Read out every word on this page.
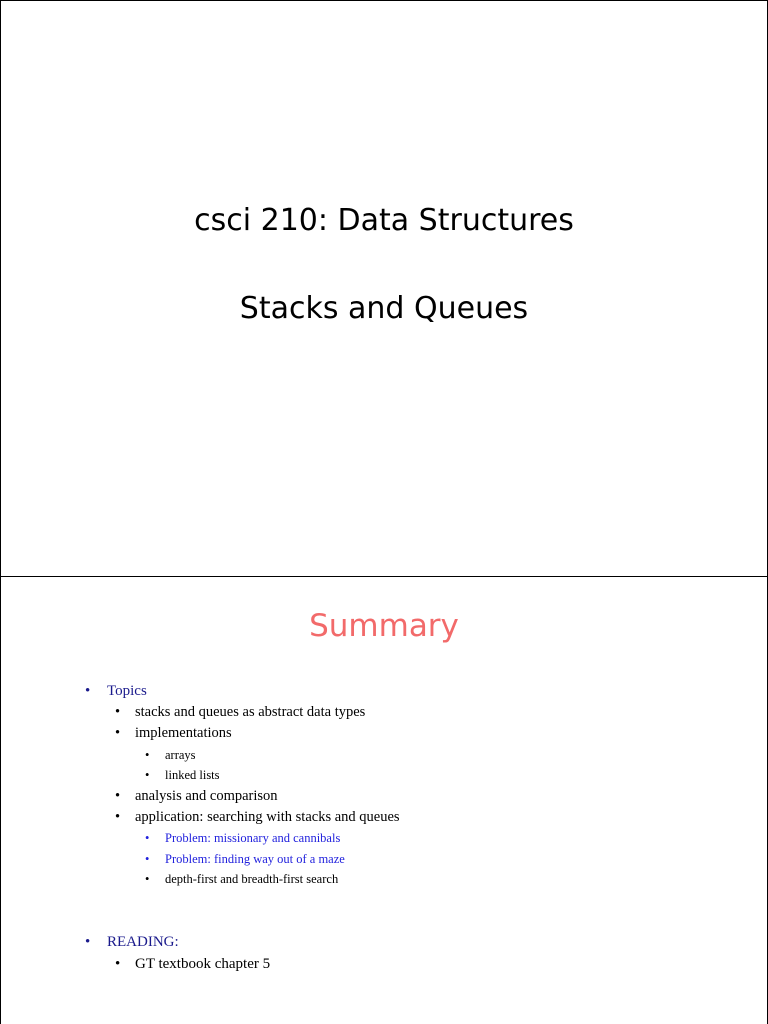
csci 210: Data Structures
Stacks and Queues
Summary
• Topics
• stacks and queues as abstract data types
• implementations
• arrays
• linked lists
• analysis and comparison
• application: searching with stacks and queues
• Problem: missionary and cannibals
• Problem: finding way out of a maze
• depth-first and breadth-first search
• READING:
• GT textbook chapter 5
